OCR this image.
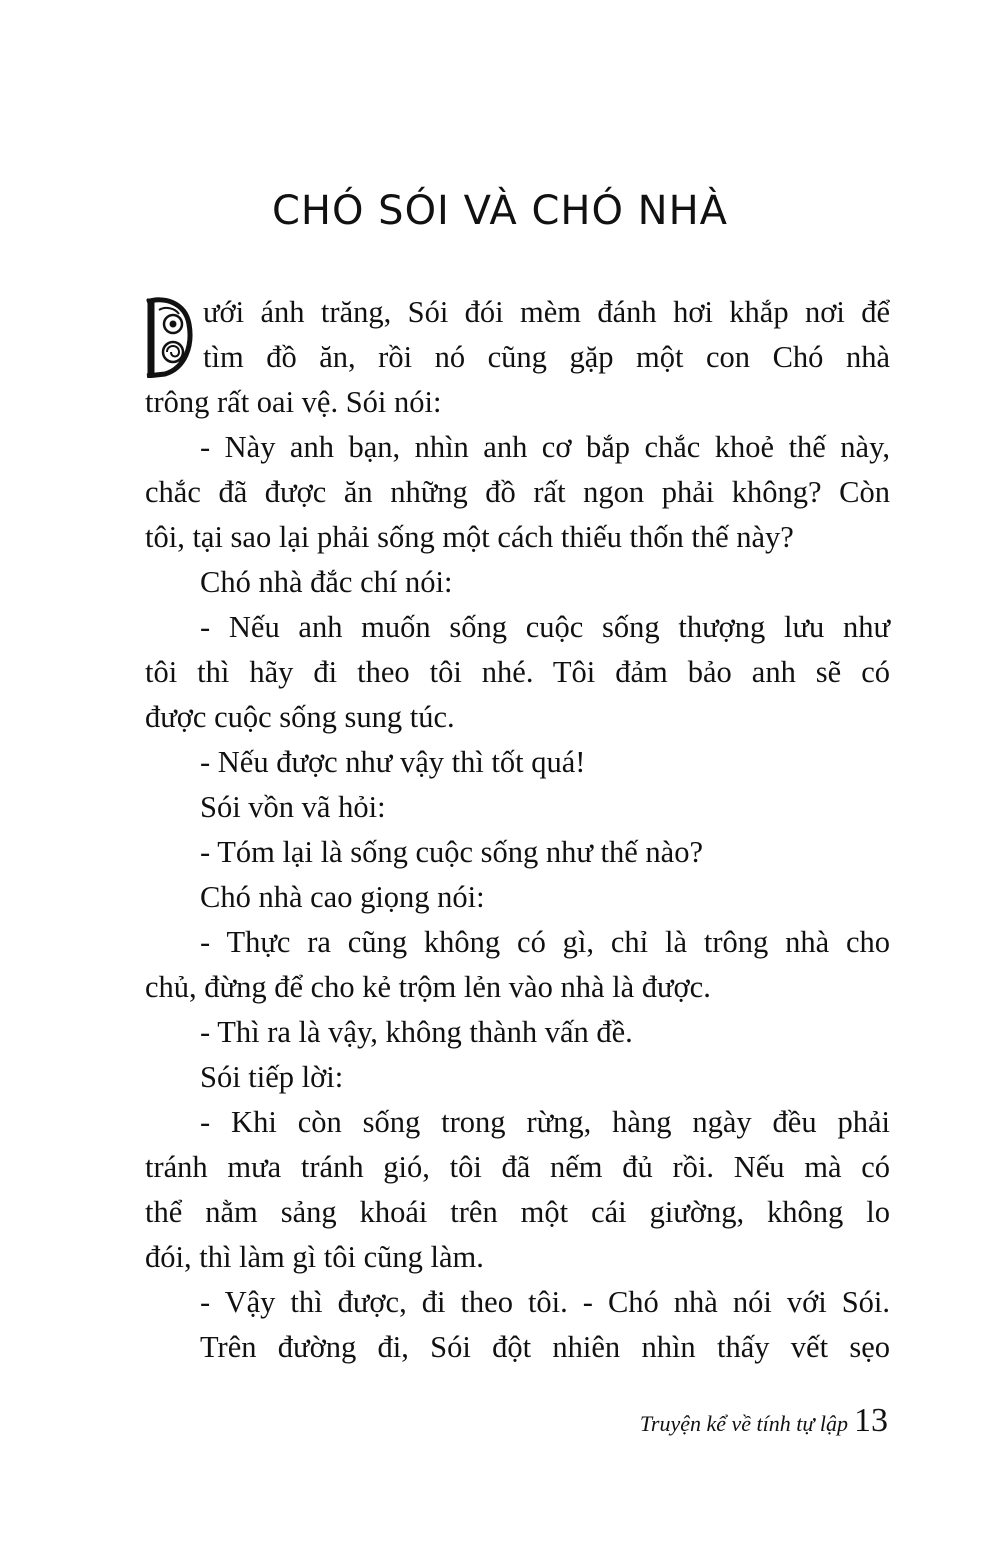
CHÓ SÓI VÀ CHÓ NHÀ
ưới ánh trăng, Sói đói mèm đánh hơi khắp nơi để
tìm đồ ăn, rồi nó cũng gặp một con Chó nhà
trông rất oai vệ. Sói nói:
- Này anh bạn, nhìn anh cơ bắp chắc khoẻ thế này,
chắc đã được ăn những đồ rất ngon phải không? Còn
tôi, tại sao lại phải sống một cách thiếu thốn thế này?
Chó nhà đắc chí nói:
- Nếu anh muốn sống cuộc sống thượng lưu như
tôi thì hãy đi theo tôi nhé. Tôi đảm bảo anh sẽ có
được cuộc sống sung túc.
- Nếu được như vậy thì tốt quá!
Sói vồn vã hỏi:
- Tóm lại là sống cuộc sống như thế nào?
Chó nhà cao giọng nói:
- Thực ra cũng không có gì, chỉ là trông nhà cho
chủ, đừng để cho kẻ trộm lẻn vào nhà là được.
- Thì ra là vậy, không thành vấn đề.
Sói tiếp lời:
- Khi còn sống trong rừng, hàng ngày đều phải
tránh mưa tránh gió, tôi đã nếm đủ rồi. Nếu mà có
thể nằm sảng khoái trên một cái giường, không lo
đói, thì làm gì tôi cũng làm.
- Vậy thì được, đi theo tôi. - Chó nhà nói với Sói.
Trên đường đi, Sói đột nhiên nhìn thấy vết sẹo
Truyện kể về tính tự lập 13
